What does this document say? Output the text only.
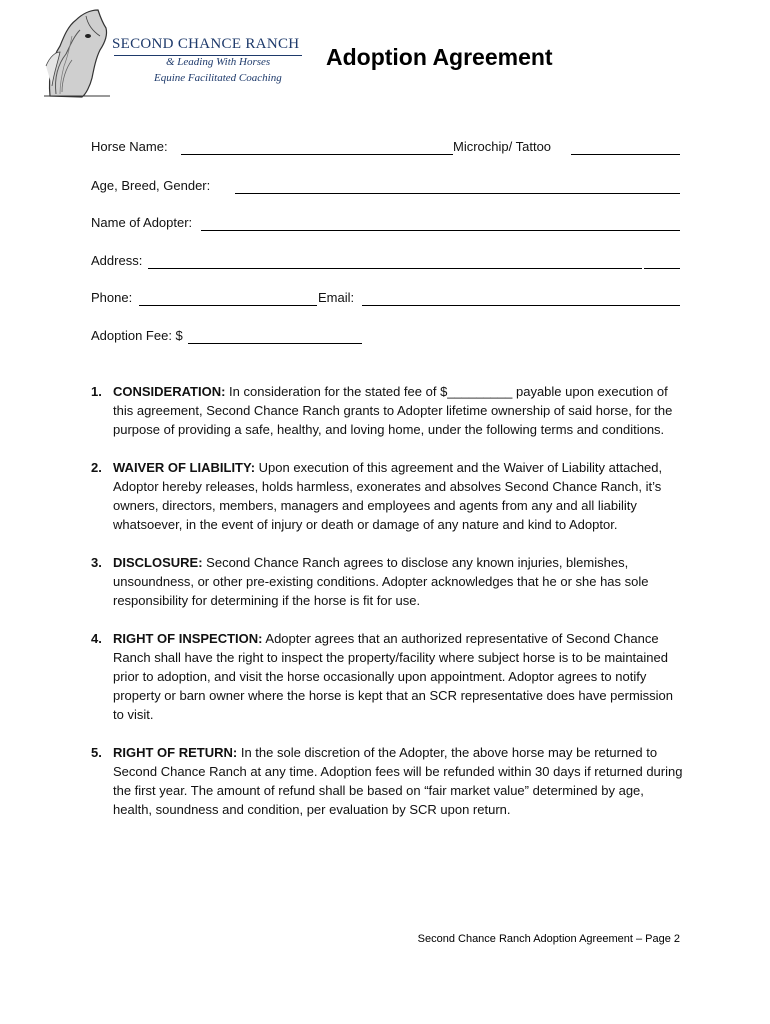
SECOND CHANCE RANCH
& Leading With Horses
Equine Facilitated Coaching
Adoption Agreement
Horse Name:	Microchip/ Tattoo
Age, Breed, Gender:
Name of Adopter:
Address:
Phone:	Email:
Adoption Fee: $
1. CONSIDERATION: In consideration for the stated fee of $_________ payable upon execution of this agreement, Second Chance Ranch grants to Adopter lifetime ownership of said horse, for the purpose of providing a safe, healthy, and loving home, under the following terms and conditions.
2. WAIVER OF LIABILITY: Upon execution of this agreement and the Waiver of Liability attached, Adoptor hereby releases, holds harmless, exonerates and absolves Second Chance Ranch, it’s owners, directors, members, managers and employees and agents from any and all liability whatsoever, in the event of injury or death or damage of any nature and kind to Adoptor.
3. DISCLOSURE: Second Chance Ranch agrees to disclose any known injuries, blemishes, unsoundness, or other pre-existing conditions. Adopter acknowledges that he or she has sole responsibility for determining if the horse is fit for use.
4. RIGHT OF INSPECTION: Adopter agrees that an authorized representative of Second Chance Ranch shall have the right to inspect the property/facility where subject horse is to be maintained prior to adoption, and visit the horse occasionally upon appointment. Adoptor agrees to notify property or barn owner where the horse is kept that an SCR representative does have permission to visit.
5. RIGHT OF RETURN: In the sole discretion of the Adopter, the above horse may be returned to Second Chance Ranch at any time. Adoption fees will be refunded within 30 days if returned during the first year. The amount of refund shall be based on “fair market value” determined by age, health, soundness and condition, per evaluation by SCR upon return.
Second Chance Ranch Adoption Agreement – Page 2
